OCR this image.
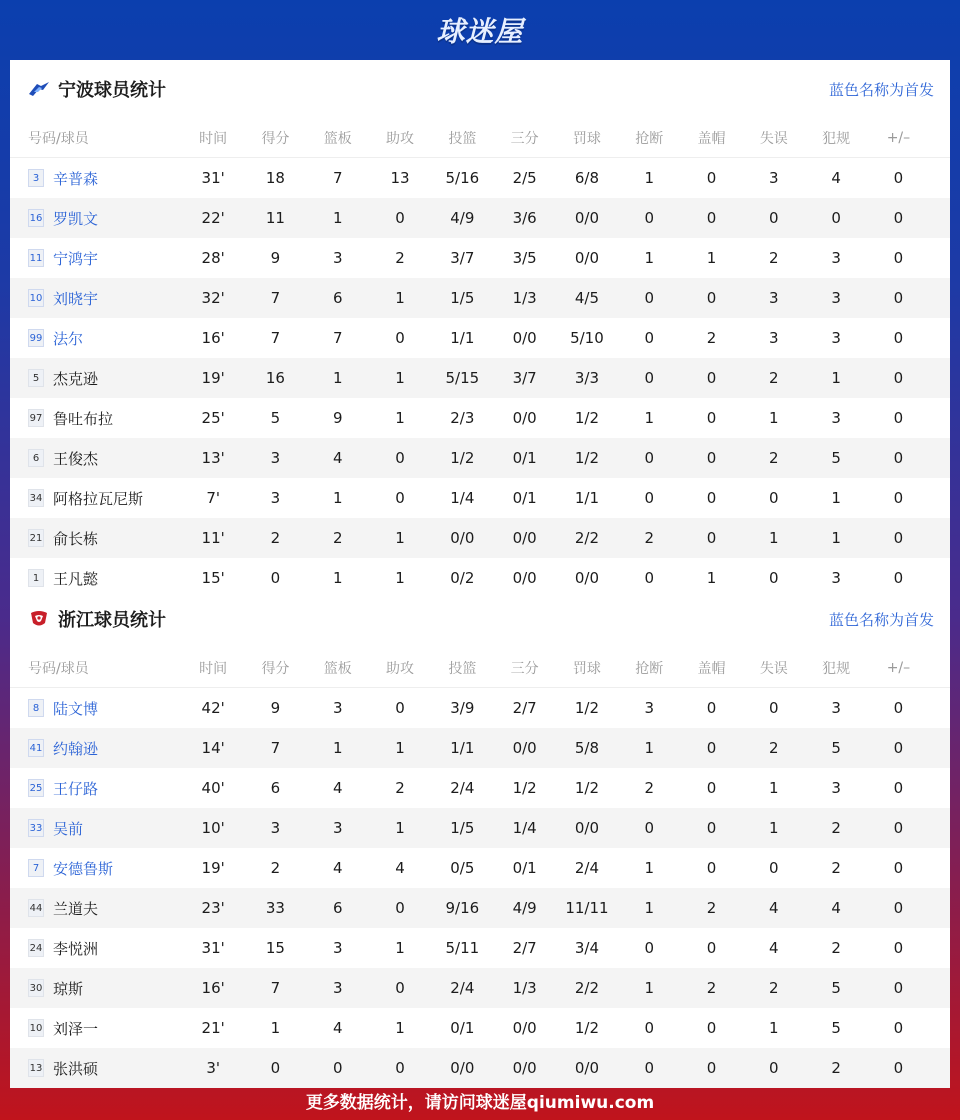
球迷屋
宁波球员统计	蓝色名称为首发
号码/球员	时间	得分	篮板	助攻	投篮	三分	罚球	抢断	盖帽	失误	犯规	+/–
3 辛普森	31'	18	7	13	5/16	2/5	6/8	1	0	3	4	0
16 罗凯文	22'	11	1	0	4/9	3/6	0/0	0	0	0	0	0
11 宁鸿宇	28'	9	3	2	3/7	3/5	0/0	1	1	2	3	0
10 刘晓宇	32'	7	6	1	1/5	1/3	4/5	0	0	3	3	0
99 法尔	16'	7	7	0	1/1	0/0	5/10	0	2	3	3	0
5 杰克逊	19'	16	1	1	5/15	3/7	3/3	0	0	2	1	0
97 鲁吐布拉	25'	5	9	1	2/3	0/0	1/2	1	0	1	3	0
6 王俊杰	13'	3	4	0	1/2	0/1	1/2	0	0	2	5	0
34 阿格拉瓦尼斯	7'	3	1	0	1/4	0/1	1/1	0	0	0	1	0
21 俞长栋	11'	2	2	1	0/0	0/0	2/2	2	0	1	1	0
1 王凡懿	15'	0	1	1	0/2	0/0	0/0	0	1	0	3	0
浙江球员统计	蓝色名称为首发
号码/球员	时间	得分	篮板	助攻	投篮	三分	罚球	抢断	盖帽	失误	犯规	+/–
8 陆文博	42'	9	3	0	3/9	2/7	1/2	3	0	0	3	0
41 约翰逊	14'	7	1	1	1/1	0/0	5/8	1	0	2	5	0
25 王仔路	40'	6	4	2	2/4	1/2	1/2	2	0	1	3	0
33 吴前	10'	3	3	1	1/5	1/4	0/0	0	0	1	2	0
7 安德鲁斯	19'	2	4	4	0/5	0/1	2/4	1	0	0	2	0
44 兰道夫	23'	33	6	0	9/16	4/9	11/11	1	2	4	4	0
24 李悦洲	31'	15	3	1	5/11	2/7	3/4	0	0	4	2	0
30 琼斯	16'	7	3	0	2/4	1/3	2/2	1	2	2	5	0
10 刘泽一	21'	1	4	1	0/1	0/0	1/2	0	0	1	5	0
13 张洪硕	3'	0	0	0	0/0	0/0	0/0	0	0	0	2	0
更多数据统计，请访问球迷屋qiumiwu.com
